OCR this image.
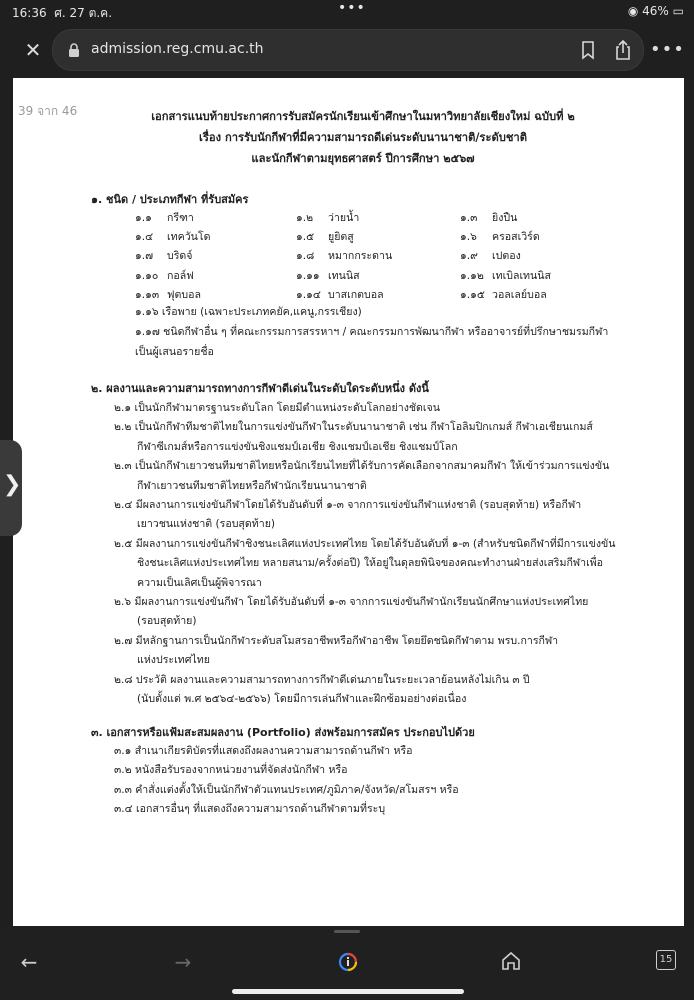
16:36 ศ. 27 ต.ค.	•••	◉ 46% ▭
✕	admission.reg.cmu.ac.th	•••
39 จาก 46	เอกสารแนบท้ายประกาศการรับสมัครนักเรียนเข้าศึกษาในมหาวิทยาลัยเชียงใหม่ ฉบับที่ ๒
เรื่อง การรับนักกีฬาที่มีความสามารถดีเด่นระดับนานาชาติ/ระดับชาติ
และนักกีฬาตามยุทธศาสตร์ ปีการศึกษา ๒๕๖๗
๑. ชนิด / ประเภทกีฬา ที่รับสมัคร
๑.๑ กรีฑา	๑.๒ ว่ายน้ำ	๑.๓ ยิงปืน
๑.๔ เทควันโด	๑.๕ ยูยิตสู	๑.๖ ครอสเวิร์ด
๑.๗ บริดจ์	๑.๘ หมากกระดาน	๑.๙ เปตอง
๑.๑๐ กอล์ฟ	๑.๑๑ เทนนิส	๑.๑๒ เทเบิลเทนนิส
๑.๑๓ ฟุตบอล	๑.๑๔ บาสเกตบอล	๑.๑๕ วอลเลย์บอล
๑.๑๖ เรือพาย (เฉพาะประเภทคยัค,แคนู,กรรเชียง)
๑.๑๗ ชนิดกีฬาอื่น ๆ ที่คณะกรรมการสรรหาฯ / คณะกรรมการพัฒนากีฬา หรืออาจารย์ที่ปรึกษาชมรมกีฬา
เป็นผู้เสนอรายชื่อ
๒. ผลงานและความสามารถทางการกีฬาดีเด่นในระดับใดระดับหนึ่ง ดังนี้
๒.๑ เป็นนักกีฬามาตรฐานระดับโลก โดยมีตำแหน่งระดับโลกอย่างชัดเจน
๒.๒ เป็นนักกีฬาทีมชาติไทยในการแข่งขันกีฬาในระดับนานาชาติ เช่น กีฬาโอลิมปิกเกมส์ กีฬาเอเชียนเกมส์
กีฬาซีเกมส์หรือการแข่งขันชิงแชมป์เอเชีย ชิงแชมป์เอเชีย ชิงแชมป์โลก
๒.๓ เป็นนักกีฬาเยาวชนทีมชาติไทยหรือนักเรียนไทยที่ได้รับการคัดเลือกจากสมาคมกีฬา ให้เข้าร่วมการแข่งขัน
กีฬาเยาวชนทีมชาติไทยหรือกีฬานักเรียนนานาชาติ
๒.๔ มีผลงานการแข่งขันกีฬาโดยได้รับอันดับที่ ๑-๓ จากการแข่งขันกีฬาแห่งชาติ (รอบสุดท้าย) หรือกีฬา
เยาวชนแห่งชาติ (รอบสุดท้าย)
๒.๕ มีผลงานการแข่งขันกีฬาชิงชนะเลิศแห่งประเทศไทย โดยได้รับอันดับที่ ๑-๓ (สำหรับชนิดกีฬาที่มีการแข่งขัน
ชิงชนะเลิศแห่งประเทศไทย หลายสนาม/ครั้งต่อปี) ให้อยู่ในดุลยพินิจของคณะทำงานฝ่ายส่งเสริมกีฬาเพื่อ
ความเป็นเลิศเป็นผู้พิจารณา
๒.๖ มีผลงานการแข่งขันกีฬา โดยได้รับอันดับที่ ๑-๓ จากการแข่งขันกีฬานักเรียนนักศึกษาแห่งประเทศไทย
(รอบสุดท้าย)
๒.๗ มีหลักฐานการเป็นนักกีฬาระดับสโมสรอาชีพหรือกีฬาอาชีพ โดยยึดชนิดกีฬาตาม พรบ.การกีฬา
แห่งประเทศไทย
๒.๘ ประวัติ ผลงานและความสามารถทางการกีฬาดีเด่นภายในระยะเวลาย้อนหลังไม่เกิน ๓ ปี
(นับตั้งแต่ พ.ศ ๒๕๖๔-๒๕๖๖) โดยมีการเล่นกีฬาและฝึกซ้อมอย่างต่อเนื่อง
๓. เอกสารหรือแฟ้มสะสมผลงาน (Portfolio) ส่งพร้อมการสมัคร ประกอบไปด้วย
๓.๑ สำเนาเกียรติบัตรที่แสดงถึงผลงานความสามารถด้านกีฬา หรือ
๓.๒ หนังสือรับรองจากหน่วยงานที่จัดส่งนักกีฬา หรือ
๓.๓ คำสั่งแต่งตั้งให้เป็นนักกีฬาตัวแทนประเทศ/ภูมิภาค/จังหวัด/สโมสรฯ หรือ
๓.๔ เอกสารอื่นๆ ที่แสดงถึงความสามารถด้านกีฬาตามที่ระบุ
❯
←	→	15
